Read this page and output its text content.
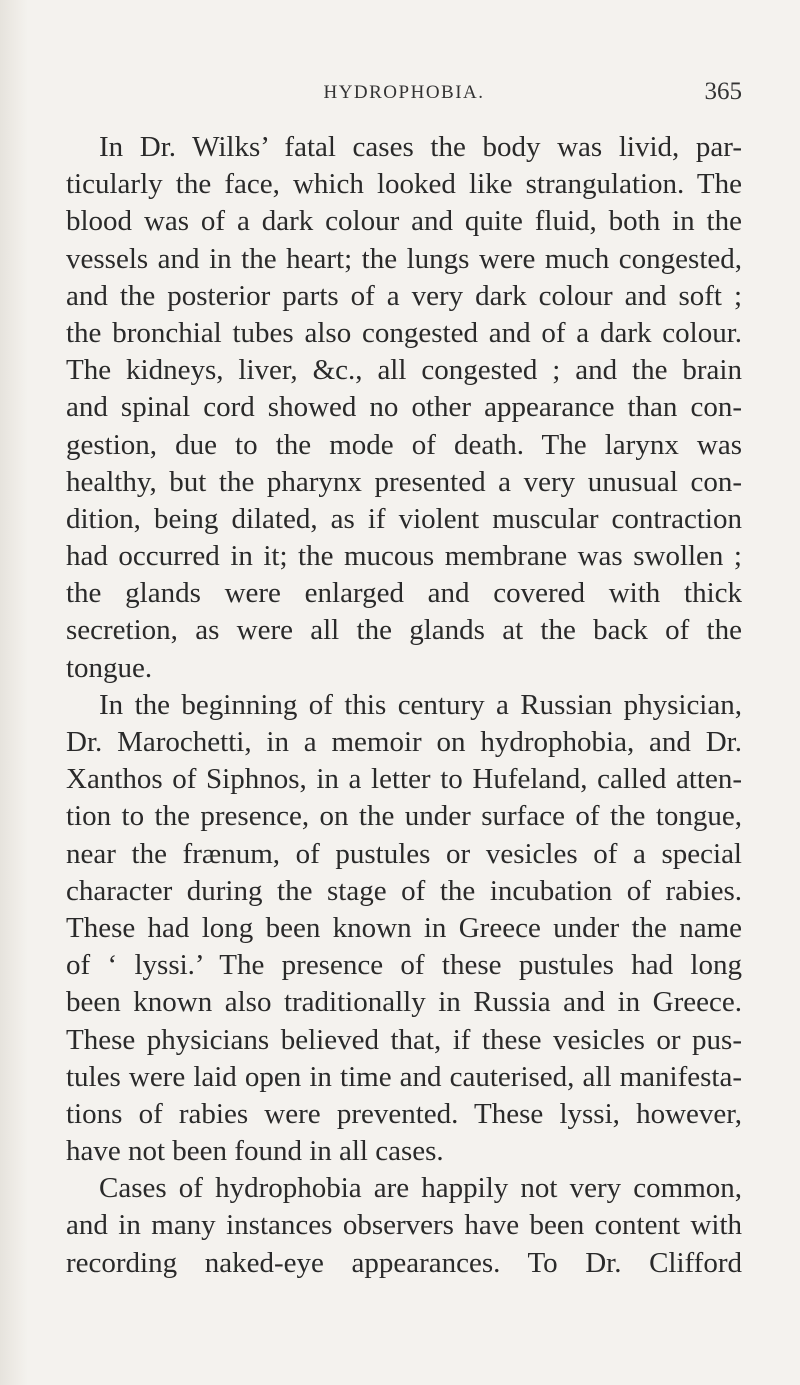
HYDROPHOBIA.	365
In Dr. Wilks’ fatal cases the body was livid, par-
ticularly the face, which looked like strangulation. The
blood was of a dark colour and quite fluid, both in the
vessels and in the heart; the lungs were much congested,
and the posterior parts of a very dark colour and soft ;
the bronchial tubes also congested and of a dark colour.
The kidneys, liver, &c., all congested ; and the brain
and spinal cord showed no other appearance than con-
gestion, due to the mode of death. The larynx was
healthy, but the pharynx presented a very unusual con-
dition, being dilated, as if violent muscular contraction
had occurred in it; the mucous membrane was swollen ;
the glands were enlarged and covered with thick
secretion, as were all the glands at the back of the
tongue.
In the beginning of this century a Russian physician,
Dr. Marochetti, in a memoir on hydrophobia, and Dr.
Xanthos of Siphnos, in a letter to Hufeland, called atten-
tion to the presence, on the under surface of the tongue,
near the frænum, of pustules or vesicles of a special
character during the stage of the incubation of rabies.
These had long been known in Greece under the name
of ‘ lyssi.’ The presence of these pustules had long
been known also traditionally in Russia and in Greece.
These physicians believed that, if these vesicles or pus-
tules were laid open in time and cauterised, all manifesta-
tions of rabies were prevented. These lyssi, however,
have not been found in all cases.
Cases of hydrophobia are happily not very common,
and in many instances observers have been content with
recording naked-eye appearances. To Dr. Clifford
